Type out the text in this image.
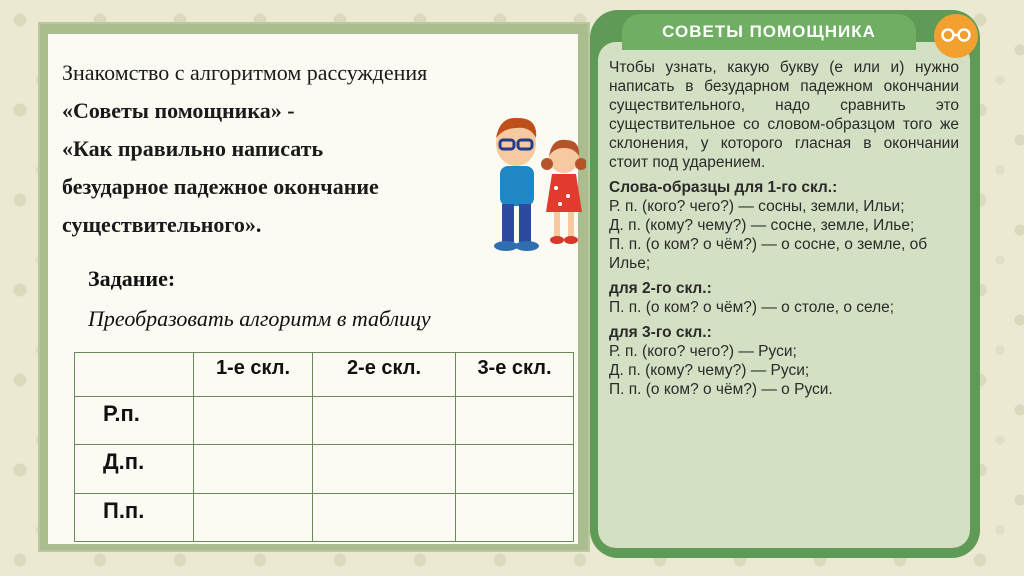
Знакомство с алгоритмом рассуждения
«Советы помощника» -
«Как правильно написать
безударное падежное окончание
существительного».
Задание:
Преобразовать алгоритм в таблицу
	1-е скл.	2-е скл.	3-е скл.
Р.п.			
Д.п.			
П.п.			
СОВЕТЫ ПОМОЩНИКА

Чтобы узнать, какую букву (е или и) нужно написать в безударном падежном окончании существительного, надо сравнить это существительное со словом-образцом того же склонения, у которого гласная в окончании стоит под ударением.

Слова-образцы для 1-го скл.:

Р. п. (кого? чего?) — сосны, земли, Ильи;

Д. п. (кому? чему?) — сосне, земле, Илье;

П. п. (о ком? о чём?) — о сосне, о земле, об Илье;

для 2-го скл.:

П. п. (о ком? о чём?) — о столе, о селе;

для 3-го скл.:

Р. п. (кого? чего?) — Руси;

Д. п. (кому? чему?) — Руси;

П. п. (о ком? о чём?) — о Руси.
